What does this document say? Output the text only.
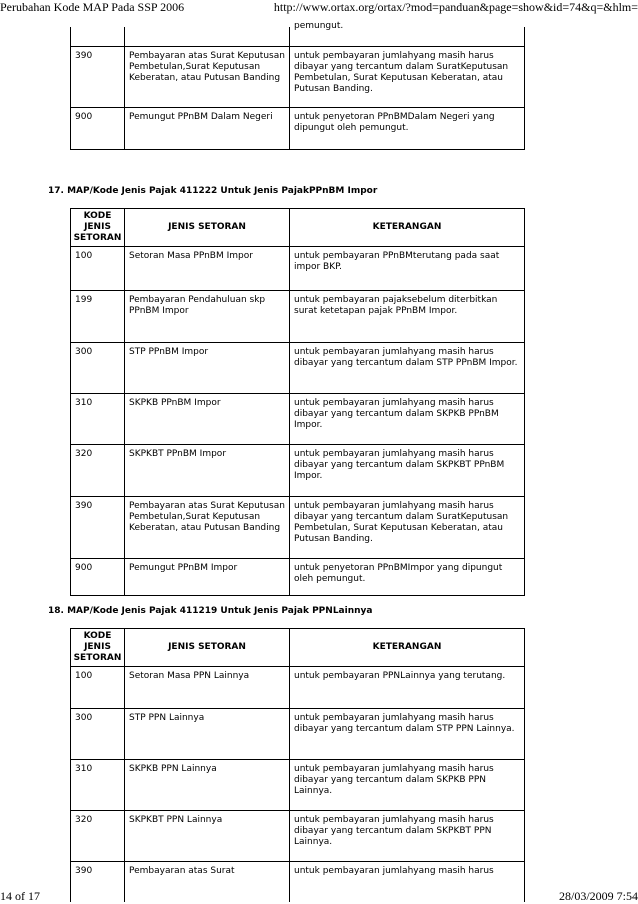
Perubahan Kode MAP Pada SSP 2006	http://www.ortax.org/ortax/?mod=panduan&page=show&id=74&q=&hlm=

		pemungut.

390	Pembayaran atas Surat Keputusan Pembetulan,Surat Keputusan Keberatan, atau Putusan Banding	untuk pembayaran jumlahyang masih harus dibayar yang tercantum dalam SuratKeputusan Pembetulan, Surat Keputusan Keberatan, atau Putusan Banding.
900	Pemungut PPnBM Dalam Negeri	untuk penyetoran PPnBMDalam Negeri yang dipungut oleh pemungut.
17. MAP/Kode Jenis Pajak 411222 Untuk Jenis PajakPPnBM Impor
KODE JENIS SETORAN	JENIS SETORAN	KETERANGAN
100	Setoran Masa PPnBM Impor	untuk pembayaran PPnBMterutang pada saat impor BKP.
199	Pembayaran Pendahuluan skp PPnBM Impor	untuk pembayaran pajaksebelum diterbitkan surat ketetapan pajak PPnBM Impor.
300	STP PPnBM Impor	untuk pembayaran jumlahyang masih harus dibayar yang tercantum dalam STP PPnBM Impor.
310	SKPKB PPnBM Impor	untuk pembayaran jumlahyang masih harus dibayar yang tercantum dalam SKPKB PPnBM Impor.
320	SKPKBT PPnBM Impor	untuk pembayaran jumlahyang masih harus dibayar yang tercantum dalam SKPKBT PPnBM Impor.
390	Pembayaran atas Surat Keputusan Pembetulan,Surat Keputusan Keberatan, atau Putusan Banding	untuk pembayaran jumlahyang masih harus dibayar yang tercantum dalam SuratKeputusan Pembetulan, Surat Keputusan Keberatan, atau Putusan Banding.
900	Pemungut PPnBM Impor	untuk penyetoran PPnBMImpor yang dipungut oleh pemungut.
18. MAP/Kode Jenis Pajak 411219 Untuk Jenis Pajak PPNLainnya
KODE JENIS SETORAN	JENIS SETORAN	KETERANGAN
100	Setoran Masa PPN Lainnya	untuk pembayaran PPNLainnya yang terutang.
300	STP PPN Lainnya	untuk pembayaran jumlahyang masih harus dibayar yang tercantum dalam STP PPN Lainnya.
310	SKPKB PPN Lainnya	untuk pembayaran jumlahyang masih harus dibayar yang tercantum dalam SKPKB PPN Lainnya.
320	SKPKBT PPN Lainnya	untuk pembayaran jumlahyang masih harus dibayar yang tercantum dalam SKPKBT PPN Lainnya.
390	Pembayaran atas Surat	untuk pembayaran jumlahyang masih harus
14 of 17	28/03/2009 7:54
